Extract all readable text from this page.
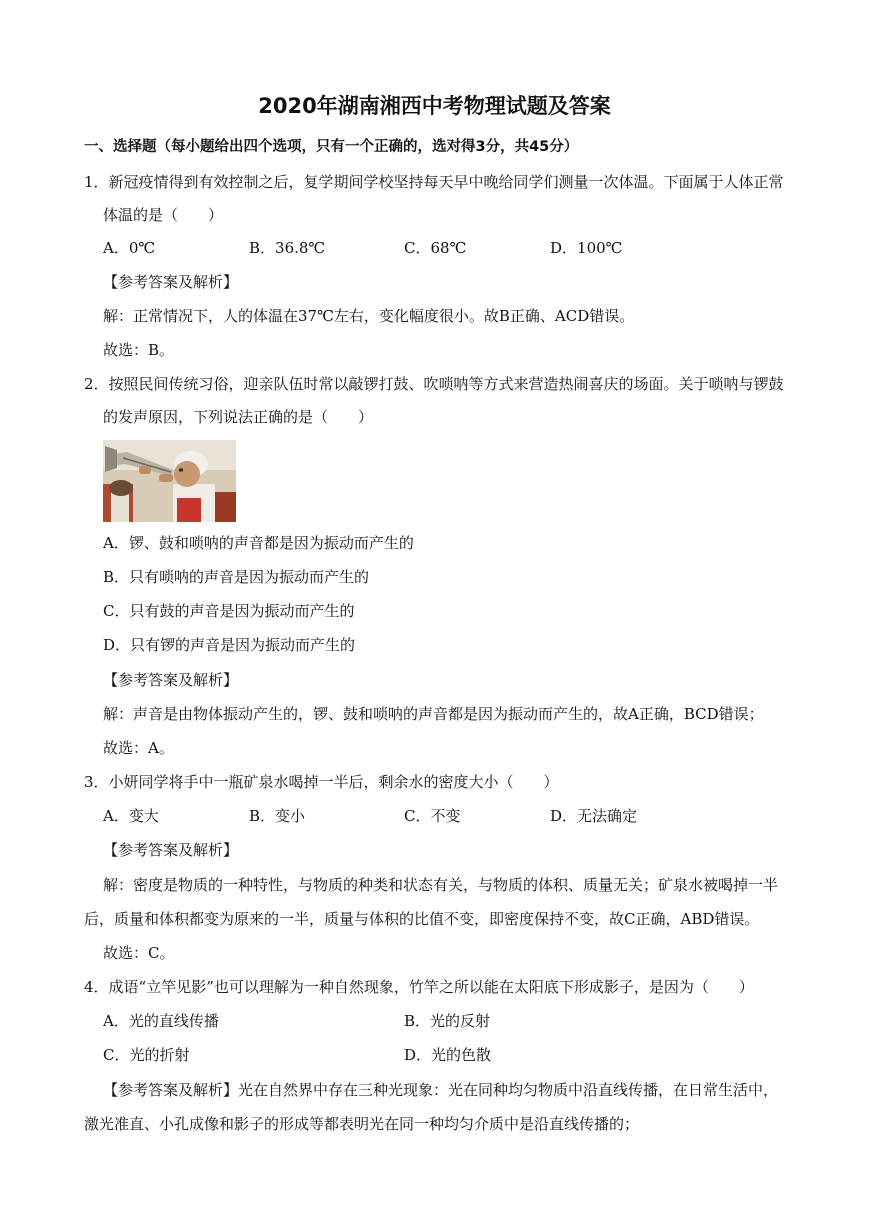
2020年湖南湘西中考物理试题及答案
一、选择题（每小题给出四个选项，只有一个正确的，选对得3分，共45分）
1．新冠疫情得到有效控制之后，复学期间学校坚持每天早中晚给同学们测量一次体温。下面属于人体正常
体温的是（　　）
A．0℃	B．36.8℃	C．68℃	D．100℃
【参考答案及解析】
解：正常情况下，人的体温在37℃左右，变化幅度很小。故B正确、ACD错误。
故选：B。
2．按照民间传统习俗，迎亲队伍时常以敲锣打鼓、吹唢呐等方式来营造热闹喜庆的场面。关于唢呐与锣鼓
的发声原因，下列说法正确的是（　　）
A．锣、鼓和唢呐的声音都是因为振动而产生的
B．只有唢呐的声音是因为振动而产生的
C．只有鼓的声音是因为振动而产生的
D．只有锣的声音是因为振动而产生的
【参考答案及解析】
解：声音是由物体振动产生的，锣、鼓和唢呐的声音都是因为振动而产生的，故A正确，BCD错误；
故选：A。
3．小妍同学将手中一瓶矿泉水喝掉一半后，剩余水的密度大小（　　）
A．变大	B．变小	C．不变	D．无法确定
【参考答案及解析】
解：密度是物质的一种特性，与物质的种类和状态有关，与物质的体积、质量无关；矿泉水被喝掉一半
后，质量和体积都变为原来的一半，质量与体积的比值不变，即密度保持不变，故C正确，ABD错误。
故选：C。
4．成语“立竿见影”也可以理解为一种自然现象，竹竿之所以能在太阳底下形成影子，是因为（　　）
A．光的直线传播	B．光的反射
C．光的折射	D．光的色散
【参考答案及解析】光在自然界中存在三种光现象：光在同种均匀物质中沿直线传播，在日常生活中，
激光准直、小孔成像和影子的形成等都表明光在同一种均匀介质中是沿直线传播的；
